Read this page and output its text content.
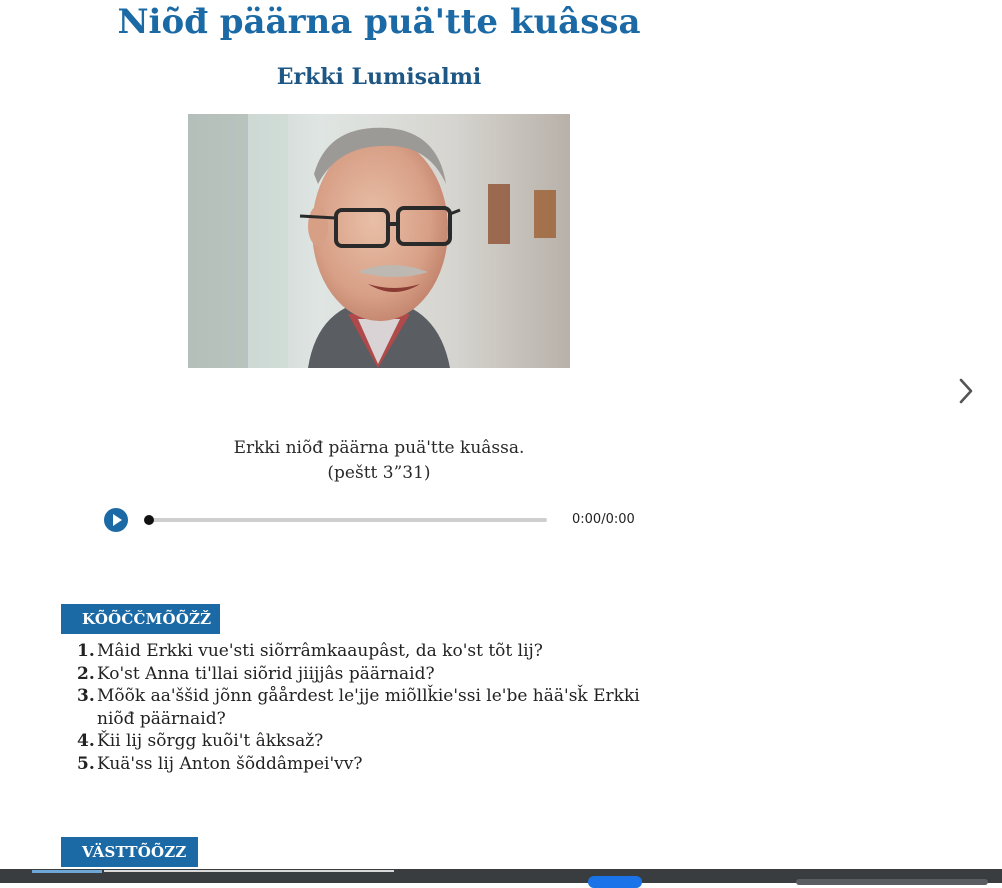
Niõđ päärna puä'tte kuâssa
Erkki Lumisalmi
Erkki niõđ päärna puä'tte kuâssa.
(peštt 3”31)
0:00/0:00
KÕÕČČMÕÕŽŽ
1. Mâid Erkki vue'sti siõrrâmkaaupâst, da ko'st tõt lij?
2. Ko'st Anna ti'llai siõrid jiijjâs päärnaid?
3. Mõõk aa'ššid jõnn gåårdest le'jje miõllǩie'ssi le'be hää'sǩ Erkki niõđ päärnaid?
4. Ǩii lij sõrgg kuõi't âkksaž?
5. Kuä'ss lij Anton šõddâmpei'vv?
VÄSTTÕÕZZ
